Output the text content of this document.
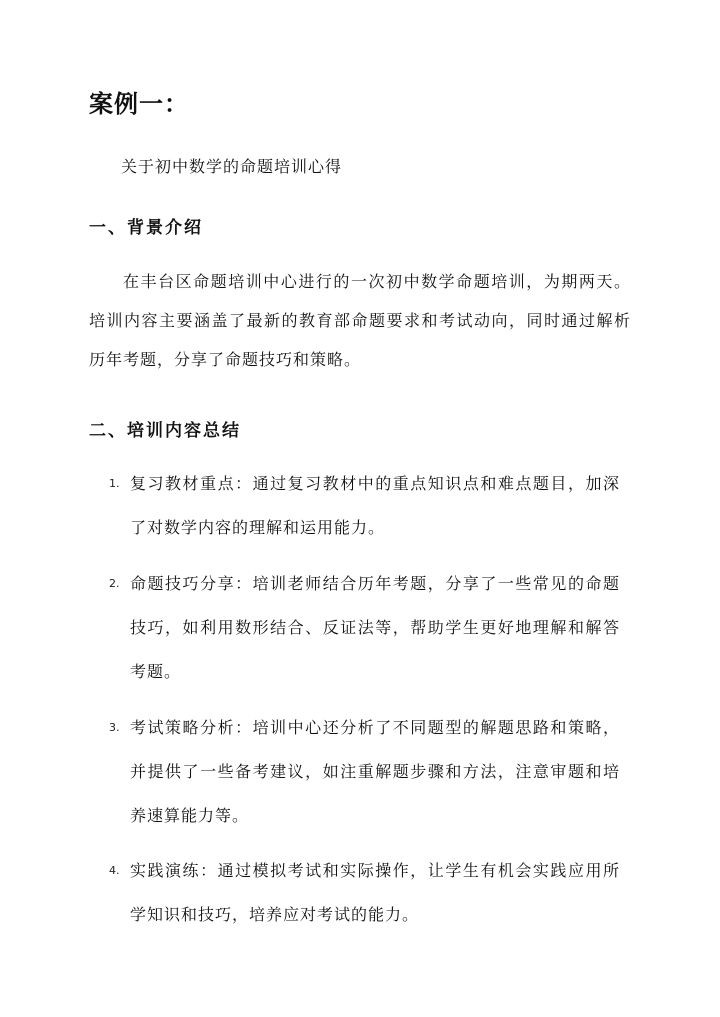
案例一：
关于初中数学的命题培训心得
一、背景介绍

在丰台区命题培训中心进行的一次初中数学命题培训，为期两天。培训内容主要涵盖了最新的教育部命题要求和考试动向，同时通过解析历年考题，分享了命题技巧和策略。

二、培训内容总结
1. 复习教材重点：通过复习教材中的重点知识点和难点题目，加深了对数学内容的理解和运用能力。

2. 命题技巧分享：培训老师结合历年考题，分享了一些常见的命题技巧，如利用数形结合、反证法等，帮助学生更好地理解和解答考题。

3. 考试策略分析：培训中心还分析了不同题型的解题思路和策略，并提供了一些备考建议，如注重解题步骤和方法，注意审题和培养速算能力等。

4. 实践演练：通过模拟考试和实际操作，让学生有机会实践应用所学知识和技巧，培养应对考试的能力。
